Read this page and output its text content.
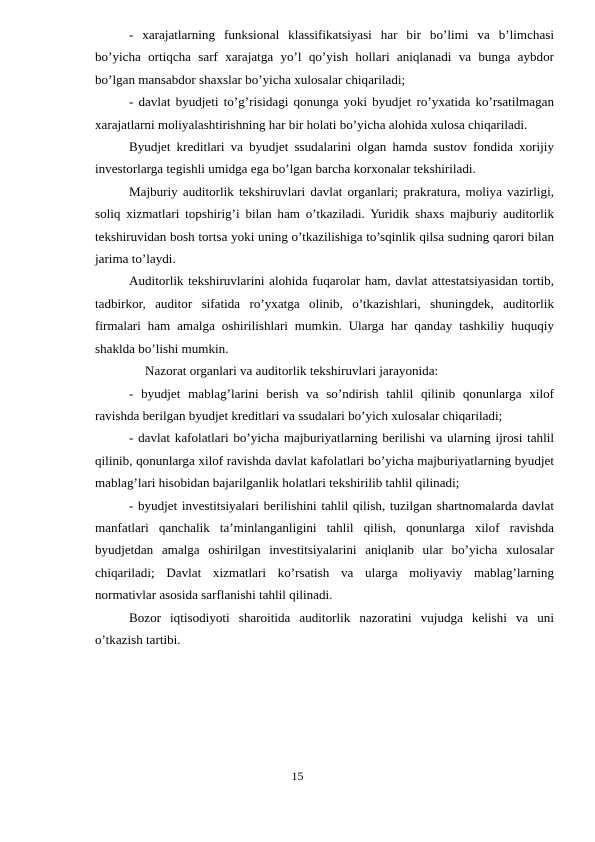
- xarajatlarning funksional klassifikatsiyasi har bir bo’limi va b’limchasi bo’yicha ortiqcha sarf xarajatga yo’l qo’yish hollari aniqlanadi va bunga aybdor bo’lgan mansabdor shaxslar bo’yicha xulosalar chiqariladi;

- davlat byudjeti to’g’risidagi qonunga yoki byudjet ro’yxatida ko’rsatilmagan xarajatlarni moliyalashtirishning har bir holati bo’yicha alohida xulosa chiqariladi.

Byudjet kreditlari va byudjet ssudalarini olgan hamda sustov fondida xorijiy investorlarga tegishli umidga ega bo’lgan barcha korxonalar tekshiriladi.

Majburiy auditorlik tekshiruvlari davlat organlari; prakratura, moliya vazirligi, soliq xizmatlari topshirig’i bilan ham o’tkaziladi. Yuridik shaxs majburiy auditorlik tekshiruvidan bosh tortsa yoki uning o’tkazilishiga to’sqinlik qilsa sudning qarori bilan jarima to’laydi.

Auditorlik tekshiruvlarini alohida fuqarolar ham, davlat attestatsiyasidan tortib, tadbirkor, auditor sifatida ro’yxatga olinib, o’tkazishlari, shuningdek, auditorlik firmalari ham amalga oshirilishlari mumkin. Ularga har qanday tashkiliy huquqiy shaklda bo’lishi mumkin.

Nazorat organlari va auditorlik tekshiruvlari jarayonida:

- byudjet mablag’larini berish va so’ndirish tahlil qilinib qonunlarga xilof ravishda berilgan byudjet kreditlari va ssudalari bo’yich xulosalar chiqariladi;

- davlat kafolatlari bo’yicha majburiyatlarning berilishi va ularning ijrosi tahlil qilinib, qonunlarga xilof ravishda davlat kafolatlari bo’yicha majburiyatlarning byudjet mablag’lari hisobidan bajarilganlik holatlari tekshirilib tahlil qilinadi;

- byudjet investitsiyalari berilishini tahlil qilish, tuzilgan shartnomalarda davlat manfatlari qanchalik ta’minlanganligini tahlil qilish, qonunlarga xilof ravishda byudjetdan amalga oshirilgan investitsiyalarini aniqlanib ular bo’yicha xulosalar chiqariladi; Davlat xizmatlari ko’rsatish va ularga moliyaviy mablag’larning normativlar asosida sarflanishi tahlil qilinadi.

Bozor iqtisodiyoti sharoitida auditorlik nazoratini vujudga kelishi va uni o’tkazish tartibi.

15
